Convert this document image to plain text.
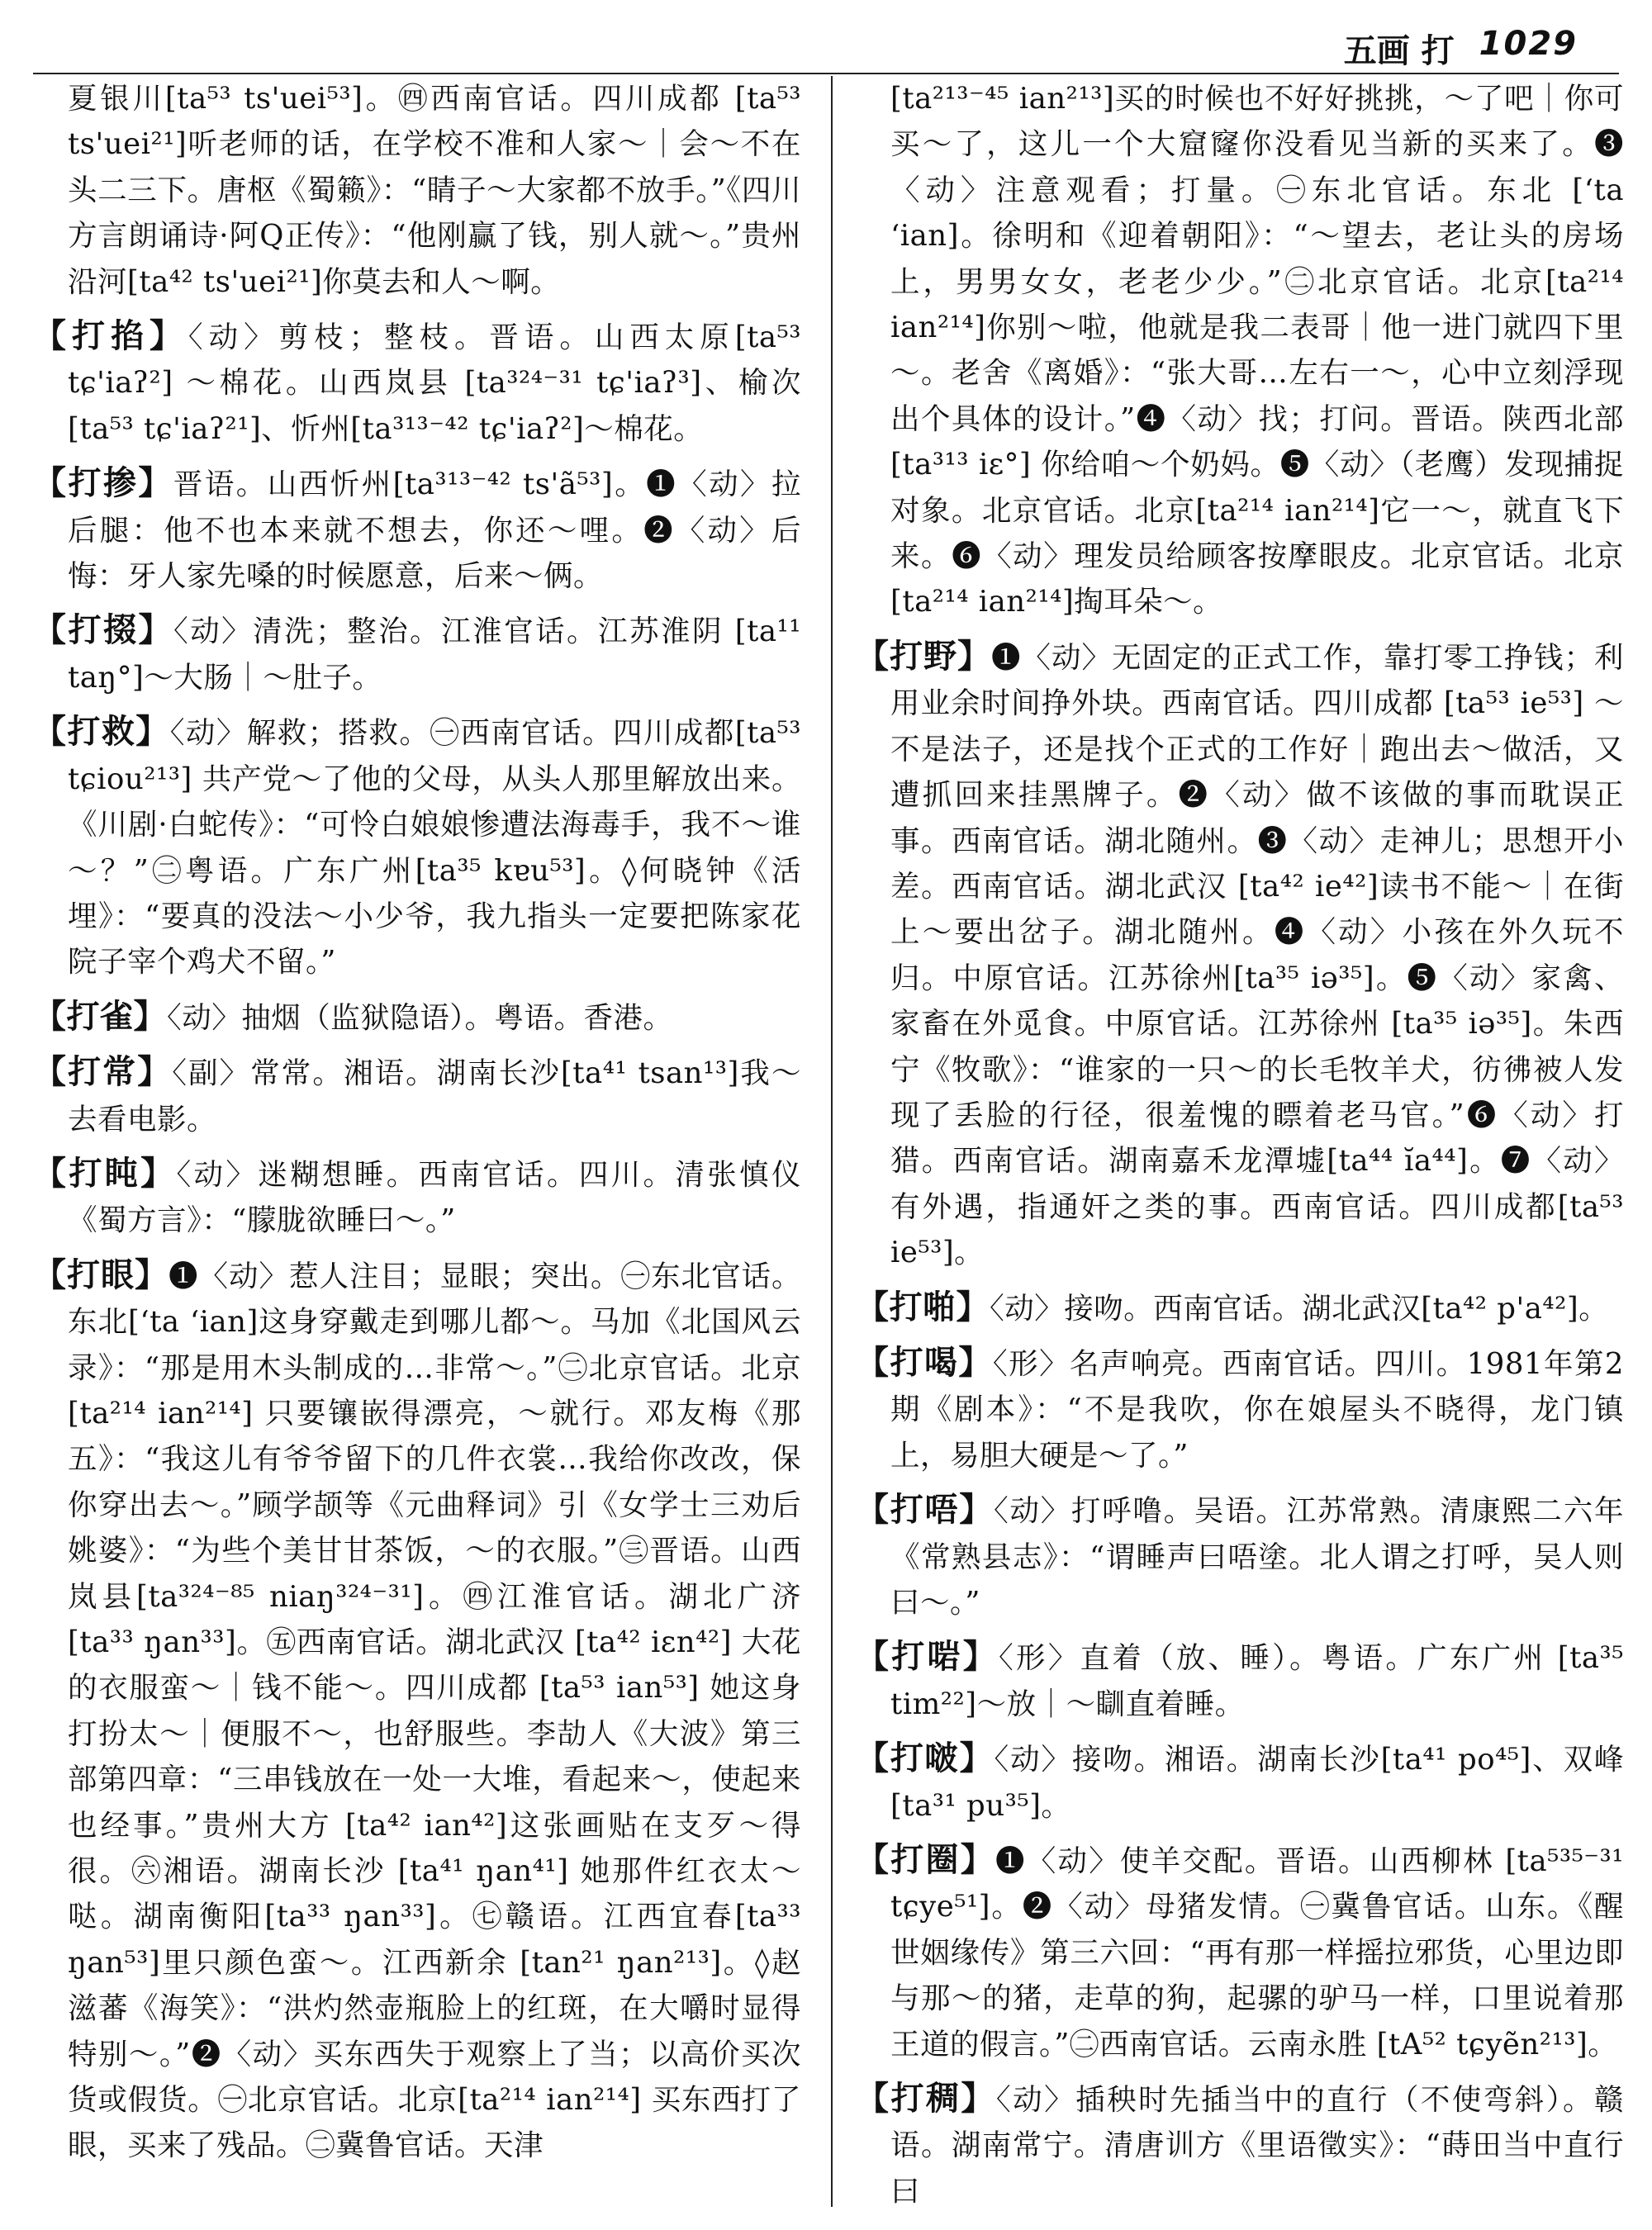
五画 打 1029

夏银川[ta⁵³ ts'uei⁵³]。㊃西南官话。四川成都 [ta⁵³ ts'uei²¹]听老师的话，在学校不准和人家～｜会～不在头二三下。唐枢《蜀籁》：“睛子～大家都不放手。”《四川方言朗诵诗·阿Q正传》：“他刚赢了钱，别人就～。”贵州沿河[ta⁴² ts'uei²¹]你莫去和人～啊。

【打掐】〈动〉剪枝；整枝。晋语。山西太原[ta⁵³ tɕ'iaʔ²] ～棉花。山西岚县 [ta³²⁴⁻³¹ tɕ'iaʔ³]、榆次 [ta⁵³ tɕ'iaʔ²¹]、忻州[ta³¹³⁻⁴² tɕ'iaʔ²]～棉花。

【打掺】晋语。山西忻州[ta³¹³⁻⁴² ts'ã⁵³]。❶〈动〉拉后腿：他不也本来就不想去，你还～哩。❷〈动〉后悔：牙人家先嗓的时候愿意，后来～俩。

【打掇】〈动〉清洗；整治。江淮官话。江苏淮阴 [ta¹¹ taŋ°]～大肠｜～肚子。

【打救】〈动〉解救；搭救。㊀西南官话。四川成都[ta⁵³ tɕiou²¹³] 共产党～了他的父母，从头人那里解放出来。《川剧·白蛇传》：“可怜白娘娘惨遭法海毒手，我不～谁～？”㊁粤语。广东广州[ta³⁵ kɐu⁵³]。◊何晓钟《活埋》：“要真的没法～小少爷，我九指头一定要把陈家花院子宰个鸡犬不留。”

【打雀】〈动〉抽烟（监狱隐语）。粤语。香港。

【打常】〈副〉常常。湘语。湖南长沙[ta⁴¹ tsan¹³]我～去看电影。

【打盹】〈动〉迷糊想睡。西南官话。四川。清张慎仪《蜀方言》：“朦胧欲睡曰～。”

【打眼】❶〈动〉惹人注目；显眼；突出。㊀东北官话。东北[ʻta ʻian]这身穿戴走到哪儿都～。马加《北国风云录》：“那是用木头制成的…非常～。”㊁北京官话。北京[ta²¹⁴ ian²¹⁴] 只要镶嵌得漂亮，～就行。邓友梅《那五》：“我这儿有爷爷留下的几件衣裳…我给你改改，保你穿出去～。”顾学颉等《元曲释词》引《女学士三劝后姚婆》：“为些个美甘甘茶饭，～的衣服。”㊂晋语。山西岚县[ta³²⁴⁻⁸⁵ niaŋ³²⁴⁻³¹]。㊃江淮官话。湖北广济 [ta³³ ŋan³³]。㊄西南官话。湖北武汉 [ta⁴² iɛn⁴²] 大花的衣服蛮～｜钱不能～。四川成都 [ta⁵³ ian⁵³] 她这身打扮太～｜便服不～，也舒服些。李劼人《大波》第三部第四章：“三串钱放在一处一大堆，看起来～，使起来也经事。”贵州大方 [ta⁴² ian⁴²]这张画贴在支歹～得很。㊅湘语。湖南长沙 [ta⁴¹ ŋan⁴¹] 她那件红衣太～哒。湖南衡阳[ta³³ ŋan³³]。㊆赣语。江西宜春[ta³³ ŋan⁵³]里只颜色蛮～。江西新余 [tan²¹ ŋan²¹³]。◊赵滋蕃《海笑》：“洪灼然壶瓶脸上的红斑，在大嚼时显得特别～。”❷〈动〉买东西失于观察上了当；以高价买次货或假货。㊀北京官话。北京[ta²¹⁴ ian²¹⁴] 买东西打了眼，买来了残品。㊁冀鲁官话。天津

[ta²¹³⁻⁴⁵ ian²¹³]买的时候也不好好挑挑，～了吧｜你可买～了，这儿一个大窟窿你没看见当新的买来了。❸〈动〉注意观看；打量。㊀东北官话。东北 [ʻta ʻian]。徐明和《迎着朝阳》：“～望去，老让头的房场上，男男女女，老老少少。”㊁北京官话。北京[ta²¹⁴ ian²¹⁴]你别～啦，他就是我二表哥｜他一进门就四下里～。老舍《离婚》：“张大哥…左右一～，心中立刻浮现出个具体的设计。”❹〈动〉找；打问。晋语。陕西北部 [ta³¹³ iɛ°] 你给咱～个奶妈。❺〈动〉（老鹰）发现捕捉对象。北京官话。北京[ta²¹⁴ ian²¹⁴]它一～，就直飞下来。❻〈动〉理发员给顾客按摩眼皮。北京官话。北京 [ta²¹⁴ ian²¹⁴]掏耳朵～。

【打野】❶〈动〉无固定的正式工作，靠打零工挣钱；利用业余时间挣外块。西南官话。四川成都 [ta⁵³ ie⁵³] ～不是法子，还是找个正式的工作好｜跑出去～做活，又遭抓回来挂黑牌子。❷〈动〉做不该做的事而耽误正事。西南官话。湖北随州。❸〈动〉走神儿；思想开小差。西南官话。湖北武汉 [ta⁴² ie⁴²]读书不能～｜在街上～要出岔子。湖北随州。❹〈动〉小孩在外久玩不归。中原官话。江苏徐州[ta³⁵ iə³⁵]。❺〈动〉家禽、家畜在外觅食。中原官话。江苏徐州 [ta³⁵ iə³⁵]。朱西宁《牧歌》：“谁家的一只～的长毛牧羊犬，彷彿被人发现了丢脸的行径，很羞愧的瞟着老马官。”❻〈动〉打猎。西南官话。湖南嘉禾龙潭墟[ta⁴⁴ ĭa⁴⁴]。❼〈动〉有外遇，指通奸之类的事。西南官话。四川成都[ta⁵³ ie⁵³]。

【打啪】〈动〉接吻。西南官话。湖北武汉[ta⁴² p'a⁴²]。

【打喝】〈形〉名声响亮。西南官话。四川。1981年第2期《剧本》：“不是我吹，你在娘屋头不晓得，龙门镇上，易胆大硬是～了。”

【打唔】〈动〉打呼噜。吴语。江苏常熟。清康熙二六年《常熟县志》：“谓睡声曰唔塗。北人谓之打呼，吴人则曰～。”

【打啱】〈形〉直着（放、睡）。粤语。广东广州 [ta³⁵ tim²²]～放｜～瞓直着睡。

【打啵】〈动〉接吻。湘语。湖南长沙[ta⁴¹ po⁴⁵]、双峰 [ta³¹ pu³⁵]。

【打圈】❶〈动〉使羊交配。晋语。山西柳林 [ta⁵³⁵⁻³¹ tɕye⁵¹]。❷〈动〉母猪发情。㊀冀鲁官话。山东。《醒世姻缘传》第三六回：“再有那一样摇拉邪货，心里边即与那～的猪，走草的狗，起骡的驴马一样，口里说着那王道的假言。”㊁西南官话。云南永胜 [tA⁵² tɕyẽn²¹³]。

【打稠】〈动〉插秧时先插当中的直行（不使弯斜）。赣语。湖南常宁。清唐训方《里语徵实》：“蒔田当中直行曰
